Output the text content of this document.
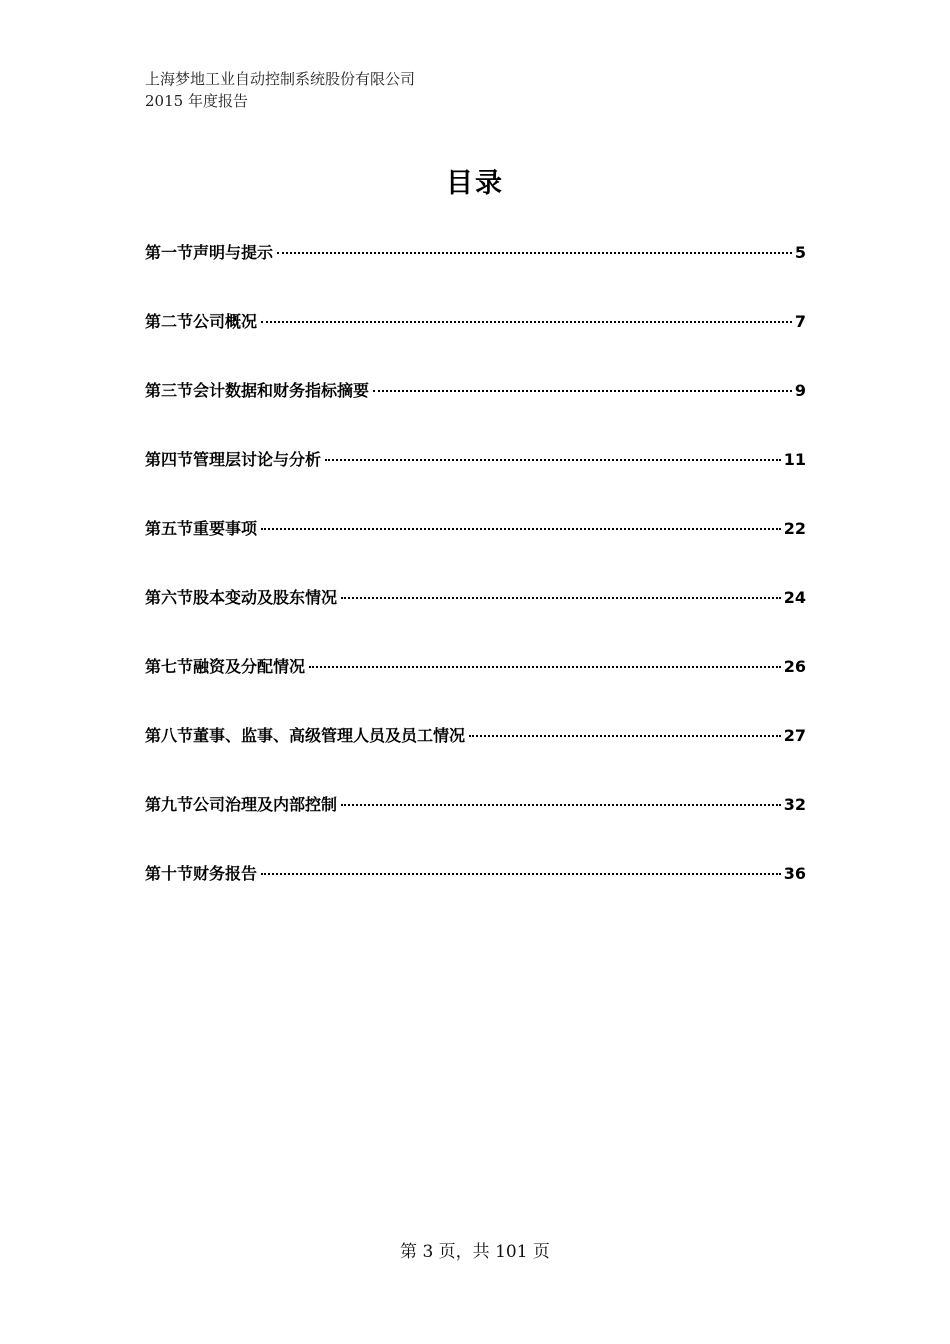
上海梦地工业自动控制系统股份有限公司
2015 年度报告
目录
第一节声明与提示	5
第二节公司概况	7
第三节会计数据和财务指标摘要	9
第四节管理层讨论与分析	11
第五节重要事项	22
第六节股本变动及股东情况	24
第七节融资及分配情况	26
第八节董事、监事、高级管理人员及员工情况	27
第九节公司治理及内部控制	32
第十节财务报告	36
第 3 页，共 101 页
